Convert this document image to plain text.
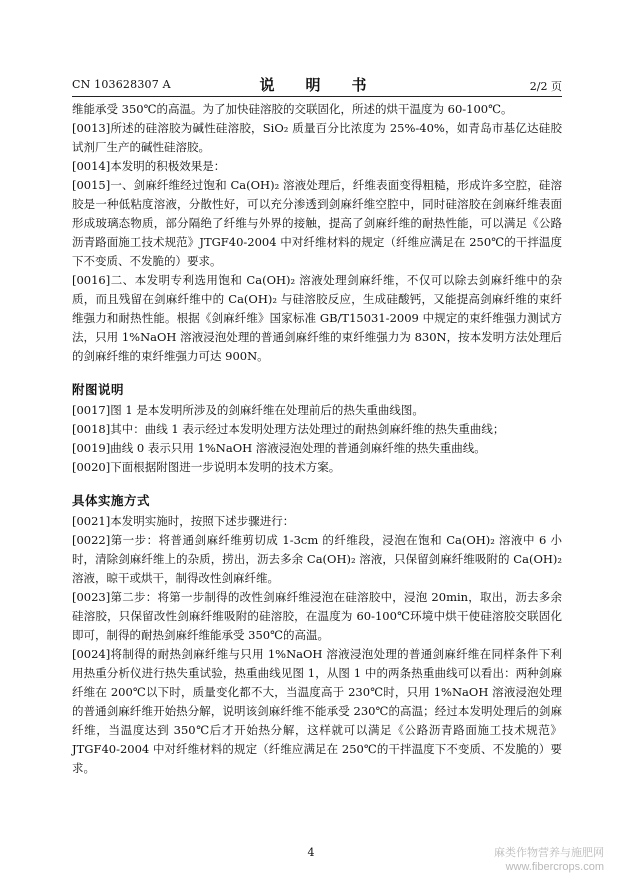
CN 103628307 A	说　明　书	2/2 页

维能承受 350℃的高温。为了加快硅溶胶的交联固化，所述的烘干温度为 60-100℃。

[0013]所述的硅溶胶为碱性硅溶胶，SiO₂ 质量百分比浓度为 25%-40%，如青岛市基亿达硅胶试剂厂生产的碱性硅溶胶。

[0014]本发明的积极效果是：

[0015]一、剑麻纤维经过饱和 Ca(OH)₂ 溶液处理后，纤维表面变得粗糙，形成许多空腔，硅溶胶是一种低粘度溶液，分散性好，可以充分渗透到剑麻纤维空腔中，同时硅溶胶在剑麻纤维表面形成玻璃态物质，部分隔绝了纤维与外界的接触，提高了剑麻纤维的耐热性能，可以满足《公路沥青路面施工技术规范》JTGF40-2004 中对纤维材料的规定（纤维应满足在 250℃的干拌温度下不变质、不发脆的）要求。

[0016]二、本发明专利选用饱和 Ca(OH)₂ 溶液处理剑麻纤维，不仅可以除去剑麻纤维中的杂质，而且残留在剑麻纤维中的 Ca(OH)₂ 与硅溶胶反应，生成硅酸钙，又能提高剑麻纤维的束纤维强力和耐热性能。根据《剑麻纤维》国家标准 GB/T15031-2009 中规定的束纤维强力测试方法，只用 1%NaOH 溶液浸泡处理的普通剑麻纤维的束纤维强力为 830N，按本发明方法处理后的剑麻纤维的束纤维强力可达 900N。

附图说明

[0017]图 1 是本发明所涉及的剑麻纤维在处理前后的热失重曲线图。

[0018]其中：曲线 1 表示经过本发明处理方法处理过的耐热剑麻纤维的热失重曲线；

[0019]曲线 0 表示只用 1%NaOH 溶液浸泡处理的普通剑麻纤维的热失重曲线。

[0020]下面根据附图进一步说明本发明的技术方案。

具体实施方式

[0021]本发明实施时，按照下述步骤进行：

[0022]第一步：将普通剑麻纤维剪切成 1-3cm 的纤维段，浸泡在饱和 Ca(OH)₂ 溶液中 6 小时，清除剑麻纤维上的杂质，捞出，沥去多余 Ca(OH)₂ 溶液，只保留剑麻纤维吸附的 Ca(OH)₂ 溶液，晾干或烘干，制得改性剑麻纤维。

[0023]第二步：将第一步制得的改性剑麻纤维浸泡在硅溶胶中，浸泡 20min，取出，沥去多余硅溶胶，只保留改性剑麻纤维吸附的硅溶胶，在温度为 60-100℃环境中烘干使硅溶胶交联固化即可，制得的耐热剑麻纤维能承受 350℃的高温。

[0024]将制得的耐热剑麻纤维与只用 1%NaOH 溶液浸泡处理的普通剑麻纤维在同样条件下利用热重分析仪进行热失重试验，热重曲线见图 1，从图 1 中的两条热重曲线可以看出：两种剑麻纤维在 200℃以下时，质量变化都不大，当温度高于 230℃时，只用 1%NaOH 溶液浸泡处理的普通剑麻纤维开始热分解，说明该剑麻纤维不能承受 230℃的高温；经过本发明处理后的剑麻纤维，当温度达到 350℃后才开始热分解，这样就可以满足《公路沥青路面施工技术规范》JTGF40-2004 中对纤维材料的规定（纤维应满足在 250℃的干拌温度下不变质、不发脆的）要求。

4	麻类作物营养与施肥网
www.fibercrops.com
